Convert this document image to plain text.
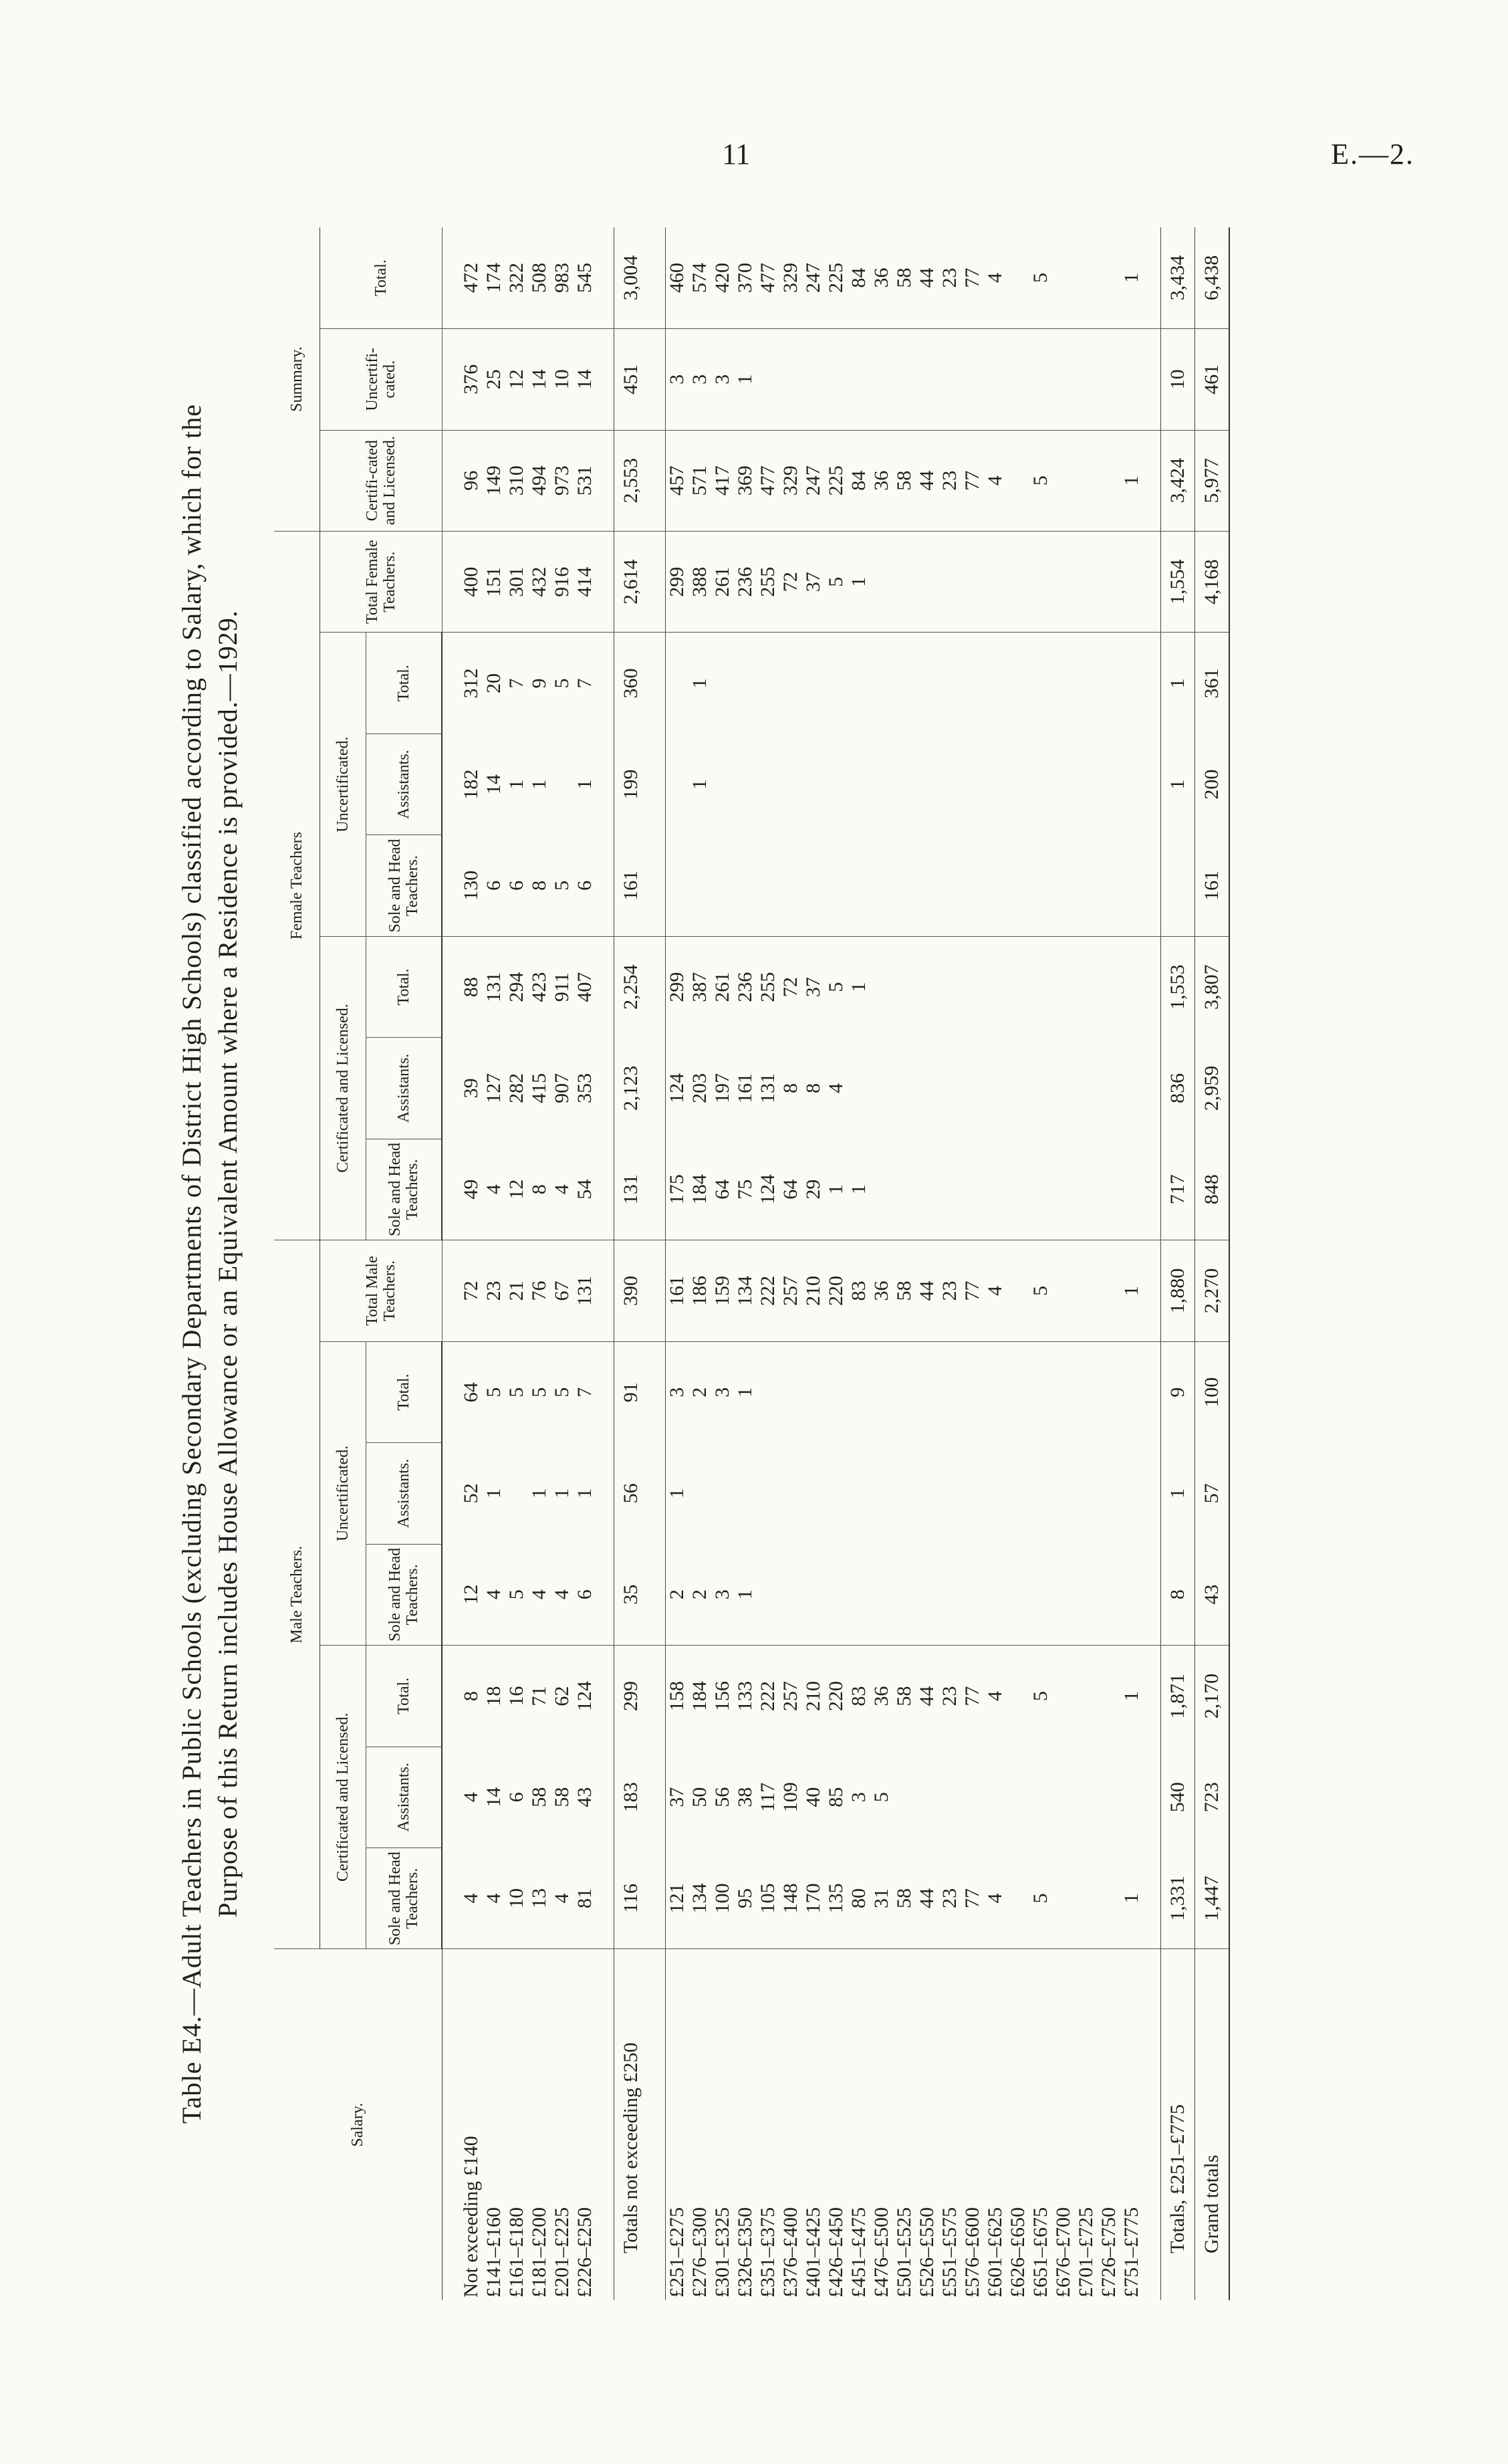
11	E.—2.
Table E4.—Adult Teachers in Public Schools (excluding Secondary Departments of District High Schools) classified according to Salary, which for the Purpose of this Return includes House Allowance or an Equivalent Amount where a Residence is provided.—1929.
Salary.	Male Teachers.							Female Teachers							Summary.		
	Certificated and Licensed.			Uncertificated.			Total Male Teachers.	Certificated and Licensed.			Uncertificated.			Total Female Teachers.	Certifi-cated and Licensed.	Uncertifi-cated.	Total.
	Sole and Head Teachers.	Assistants.	Total.	Sole and Head Teachers.	Assistants.	Total.		Sole and Head Teachers.	Assistants.	Total.	Sole and Head Teachers.	Assistants.	Total.				

Not exceeding £140	4	4	8	12	52	64	72	49	39	88	130	182	312	400	96	376	472
£141–£160	4	14	18	4	1	5	23	4	127	131	6	14	20	151	149	25	174
£161–£180	10	6	16	5		5	21	12	282	294	6	1	7	301	310	12	322
£181–£200	13	58	71	4	1	5	76	8	415	423	8	1	9	432	494	14	508
£201–£225	4	58	62	4	1	5	67	4	907	911	5		5	916	973	10	983
£226–£250	81	43	124	6	1	7	131	54	353	407	6	1	7	414	531	14	545

Totals not exceeding £250	116	183	299	35	56	91	390	131	2,123	2,254	161	199	360	2,614	2,553	451	3,004

£251–£275	121	37	158	2	1	3	161	175	124	299				299	457	3	460
£276–£300	134	50	184	2		2	186	184	203	387		1	1	388	571	3	574
£301–£325	100	56	156	3		3	159	64	197	261				261	417	3	420
£326–£350	95	38	133	1		1	134	75	161	236				236	369	1	370
£351–£375	105	117	222				222	124	131	255				255	477		477
£376–£400	148	109	257				257	64	8	72				72	329		329
£401–£425	170	40	210				210	29	8	37				37	247		247
£426–£450	135	85	220				220	1	4	5				5	225		225
£451–£475	80	3	83				83	1		1				1	84		84
£476–£500	31	5	36				36								36		36
£501–£525	58		58				58								58		58
£526–£550	44		44				44								44		44
£551–£575	23		23				23								23		23
£576–£600	77		77				77								77		77
£601–£625	4		4				4								4		4
£626–£650																	
£651–£675	5		5				5								5		5
£676–£700																	
£701–£725																	
£726–£750																	
£751–£775	1		1				1								1		1

Totals, £251–£775	1,331	540	1,871	8	1	9	1,880	717	836	1,553		1	1	1,554	3,424	10	3,434
Grand totals	1,447	723	2,170	43	57	100	2,270	848	2,959	3,807	161	200	361	4,168	5,977	461	6,438
